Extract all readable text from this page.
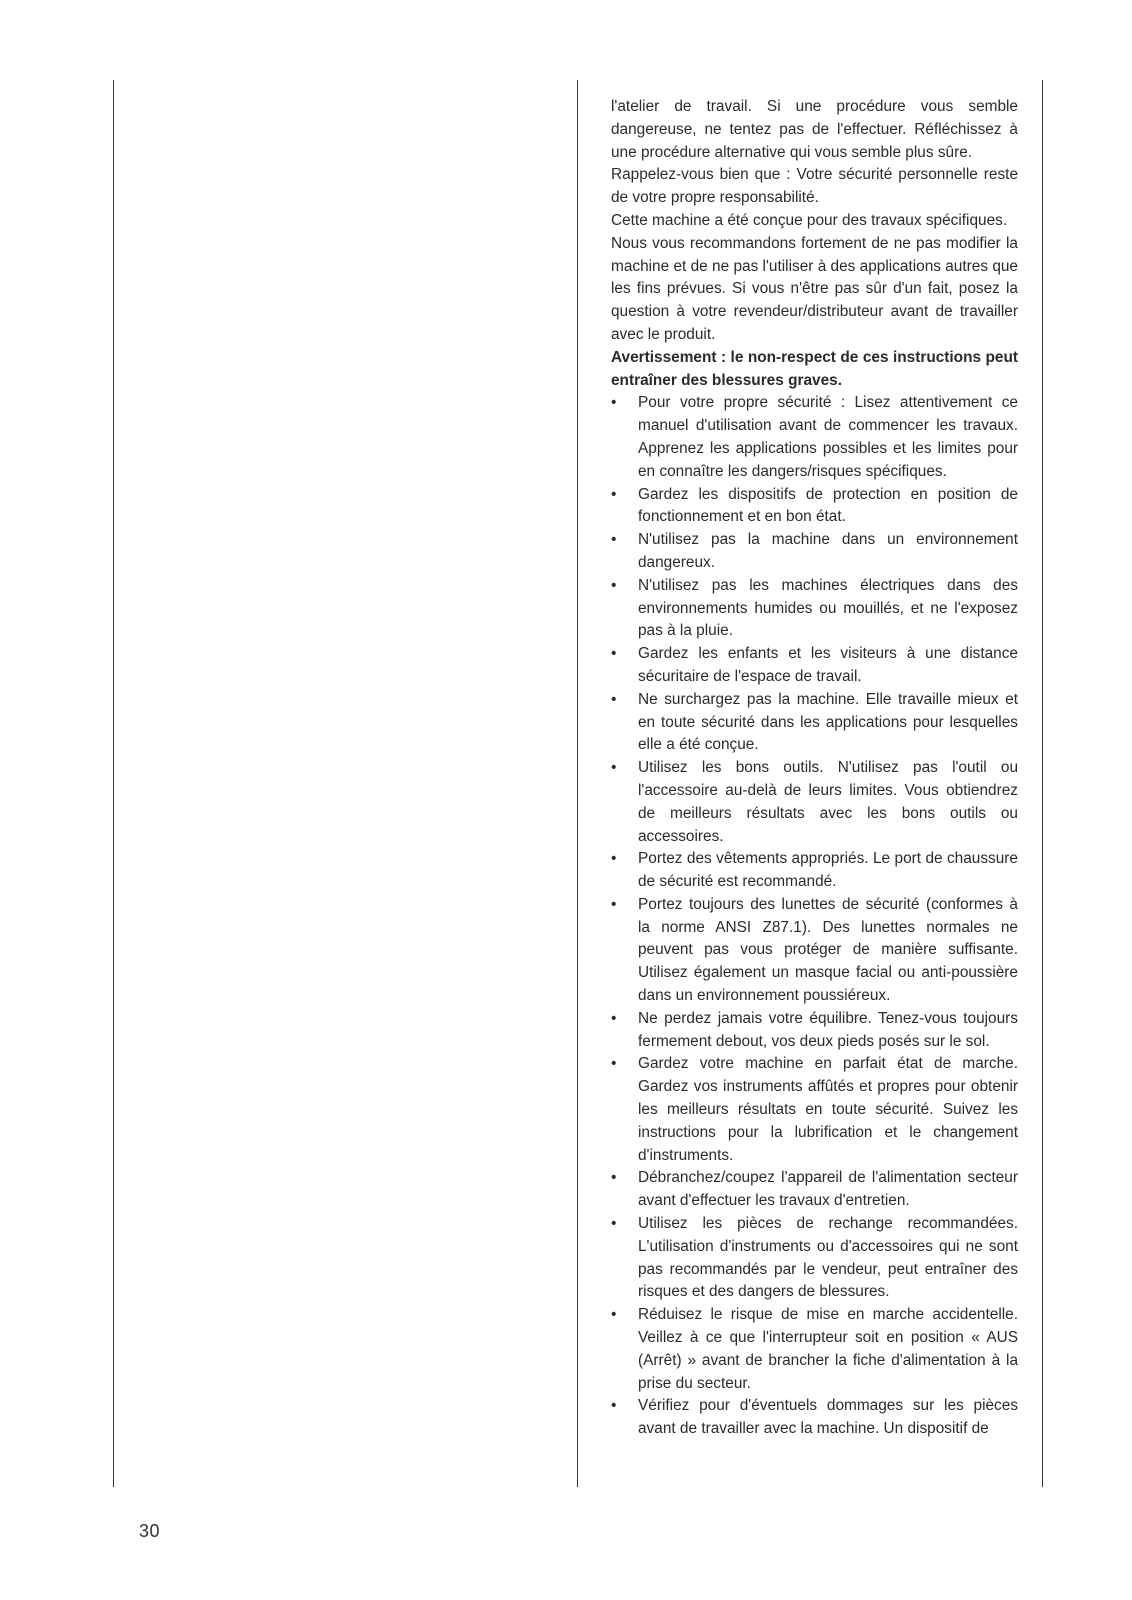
l'atelier de travail. Si une procédure vous semble dangereuse, ne tentez pas de l'effectuer. Réfléchissez à une procédure alternative qui vous semble plus sûre.

Rappelez-vous bien que : Votre sécurité personnelle reste de votre propre responsabilité.

Cette machine a été conçue pour des travaux spécifiques.

Nous vous recommandons fortement de ne pas modifier la machine et de ne pas l'utiliser à des applications autres que les fins prévues. Si vous n'être pas sûr d'un fait, posez la question à votre revendeur/distributeur avant de travailler avec le produit.

Avertissement : le non-respect de ces instructions peut entraîner des blessures graves.

• Pour votre propre sécurité : Lisez attentivement ce manuel d'utilisation avant de commencer les travaux. Apprenez les applications possibles et les limites pour en connaître les dangers/risques spécifiques.
• Gardez les dispositifs de protection en position de fonctionnement et en bon état.
• N'utilisez pas la machine dans un environnement dangereux.
• N'utilisez pas les machines électriques dans des environnements humides ou mouillés, et ne l'exposez pas à la pluie.
• Gardez les enfants et les visiteurs à une distance sécuritaire de l'espace de travail.
• Ne surchargez pas la machine. Elle travaille mieux et en toute sécurité dans les applications pour lesquelles elle a été conçue.
• Utilisez les bons outils. N'utilisez pas l'outil ou l'accessoire au-delà de leurs limites. Vous obtiendrez de meilleurs résultats avec les bons outils ou accessoires.
• Portez des vêtements appropriés. Le port de chaussure de sécurité est recommandé.
• Portez toujours des lunettes de sécurité (conformes à la norme ANSI Z87.1). Des lunettes normales ne peuvent pas vous protéger de manière suffisante. Utilisez également un masque facial ou anti-poussière dans un environnement poussiéreux.
• Ne perdez jamais votre équilibre. Tenez-vous toujours fermement debout, vos deux pieds posés sur le sol.
• Gardez votre machine en parfait état de marche. Gardez vos instruments affûtés et propres pour obtenir les meilleurs résultats en toute sécurité. Suivez les instructions pour la lubrification et le changement d'instruments.
• Débranchez/coupez l'appareil de l'alimentation secteur avant d'effectuer les travaux d'entretien.
• Utilisez les pièces de rechange recommandées. L'utilisation d'instruments ou d'accessoires qui ne sont pas recommandés par le vendeur, peut entraîner des risques et des dangers de blessures.
• Réduisez le risque de mise en marche accidentelle. Veillez à ce que l'interrupteur soit en position « AUS (Arrêt) » avant de brancher la fiche d'alimentation à la prise du secteur.
• Vérifiez pour d'éventuels dommages sur les pièces avant de travailler avec la machine. Un dispositif de
30
